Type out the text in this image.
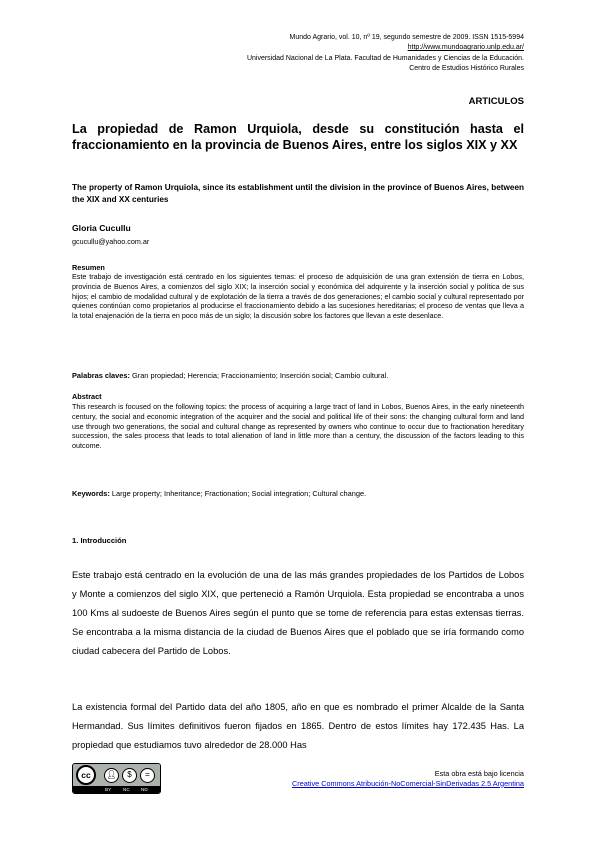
Mundo Agrario, vol. 10, nº 19, segundo semestre de 2009. ISSN 1515-5994
http://www.mundoagrario.unlp.edu.ar/
Universidad Nacional de La Plata. Facultad de Humanidades y Ciencias de la Educación.
Centro de Estudios Histórico Rurales
ARTICULOS
La propiedad de Ramon Urquiola, desde su constitución hasta el fraccionamiento en la provincia de Buenos Aires, entre los siglos XIX y XX

The property of Ramon Urquiola, since its establishment until the division in the province of Buenos Aires, between the XIX and XX centuries

Gloria Cucullu
gcucullu@yahoo.com.ar
Resumen

Este trabajo de investigación está centrado en los siguientes temas: el proceso de adquisición de una gran extensión de tierra en Lobos, provincia de Buenos Aires, a comienzos del siglo XIX; la inserción social y económica del adquirente y la inserción social y política de sus hijos; el cambio de modalidad cultural y de explotación de la tierra a través de dos generaciones; el cambio social y cultural representado por quienes continúan como propietarios al producirse el fraccionamiento debido a las sucesiones hereditarias; el proceso de ventas que lleva a la total enajenación de la tierra en poco más de un siglo; la discusión sobre los factores que llevan a este desenlace.

Palabras claves: Gran propiedad; Herencia; Fraccionamiento; Inserción social; Cambio cultural.
Abstract

This research is focused on the following topics: the process of acquiring a large tract of land in Lobos, Buenos Aires, in the early nineteenth century, the social and economic integration of the acquirer and the social and political life of their sons: the changing cultural form and land use through two generations, the social and cultural change as represented by owners who continue to occur due to fractionation hereditary succession, the sales process that leads to total alienation of land in little more than a century, the discussion of the factors leading to this outcome.

Keywords: Large property; Inheritance; Fractionation; Social integration; Cultural change.
1. Introducción

Este trabajo está centrado en la evolución de una de las más grandes propiedades de los Partidos de Lobos y Monte a comienzos del siglo XIX, que perteneció a Ramón Urquiola. Esta propiedad se encontraba a unos 100 Kms al sudoeste de Buenos Aires según el punto que se tome de referencia para estas extensas tierras. Se encontraba a la misma distancia de la ciudad de Buenos Aires que el poblado que se iría formando como ciudad cabecera del Partido de Lobos.

La existencia formal del Partido data del año 1805, año en que es nombrado el primer Alcalde de la Santa Hermandad. Sus límites definitivos fueron fijados en 1865. Dentro de estos límites hay 172.435 Has. La propiedad que estudiamos tuvo alrededor de 28.000 Has

cc	👤︎	$	=
BY	NC ND
Esta obra está bajo licencia
Creative Commons Atribución-NoComercial-SinDerivadas 2.5 Argentina
